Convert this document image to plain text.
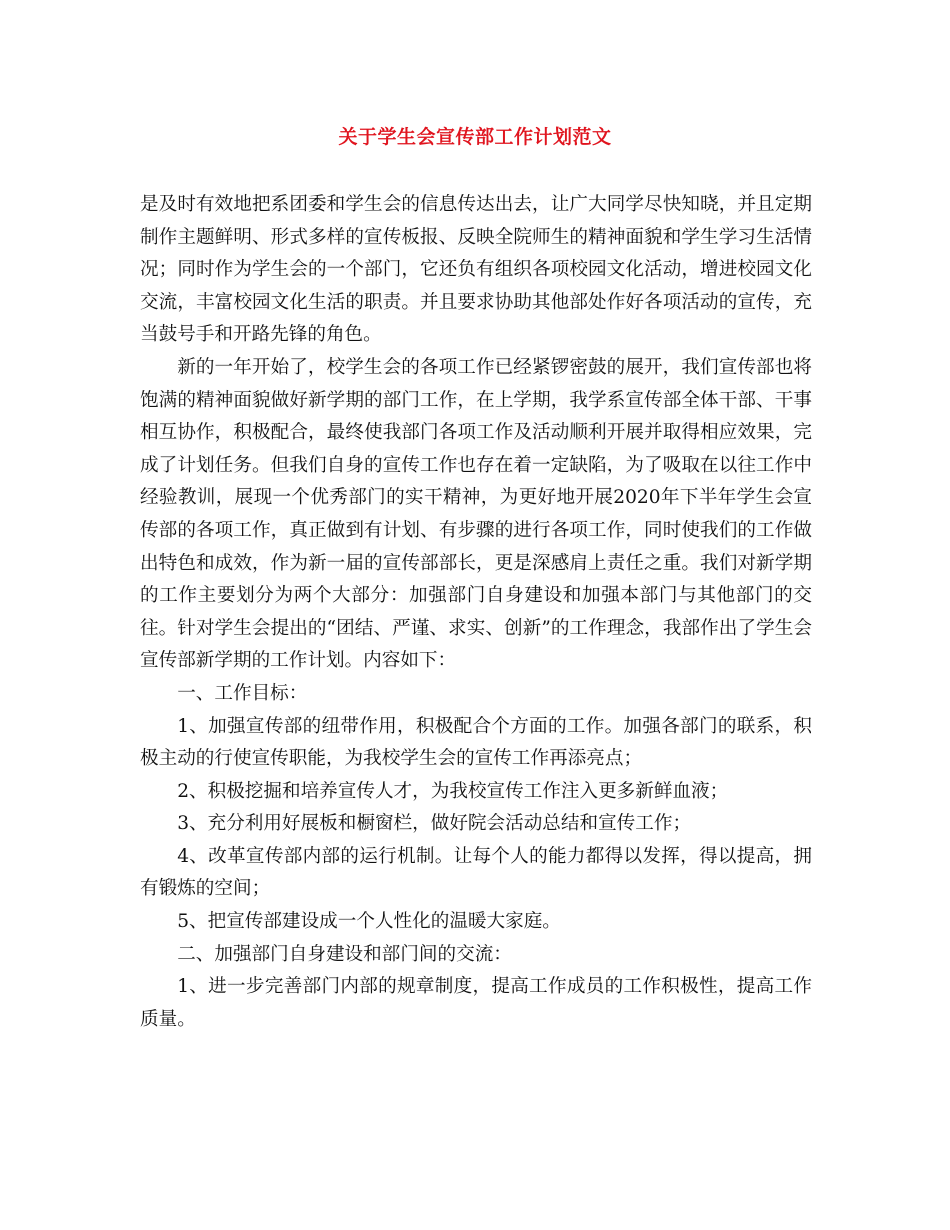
关于学生会宣传部工作计划范文

是及时有效地把系团委和学生会的信息传达出去，让广大同学尽快知晓，并且定期制作主题鲜明、形式多样的宣传板报、反映全院师生的精神面貌和学生学习生活情况；同时作为学生会的一个部门，它还负有组织各项校园文化活动，增进校园文化交流，丰富校园文化生活的职责。并且要求协助其他部处作好各项活动的宣传，充当鼓号手和开路先锋的角色。

新的一年开始了，校学生会的各项工作已经紧锣密鼓的展开，我们宣传部也将饱满的精神面貌做好新学期的部门工作，在上学期，我学系宣传部全体干部、干事相互协作，积极配合，最终使我部门各项工作及活动顺利开展并取得相应效果，完成了计划任务。但我们自身的宣传工作也存在着一定缺陷，为了吸取在以往工作中经验教训，展现一个优秀部门的实干精神，为更好地开展2020年下半年学生会宣传部的各项工作，真正做到有计划、有步骤的进行各项工作，同时使我们的工作做出特色和成效，作为新一届的宣传部部长，更是深感肩上责任之重。我们对新学期的工作主要划分为两个大部分：加强部门自身建设和加强本部门与其他部门的交往。针对学生会提出的“团结、严谨、求实、创新”的工作理念，我部作出了学生会宣传部新学期的工作计划。内容如下：

一、工作目标：

1、加强宣传部的纽带作用，积极配合个方面的工作。加强各部门的联系，积极主动的行使宣传职能，为我校学生会的宣传工作再添亮点；

2、积极挖掘和培养宣传人才，为我校宣传工作注入更多新鲜血液；

3、充分利用好展板和橱窗栏，做好院会活动总结和宣传工作；

4、改革宣传部内部的运行机制。让每个人的能力都得以发挥，得以提高，拥有锻炼的空间；

5、把宣传部建设成一个人性化的温暖大家庭。

二、加强部门自身建设和部门间的交流：

1、进一步完善部门内部的规章制度，提高工作成员的工作积极性，提高工作质量。
